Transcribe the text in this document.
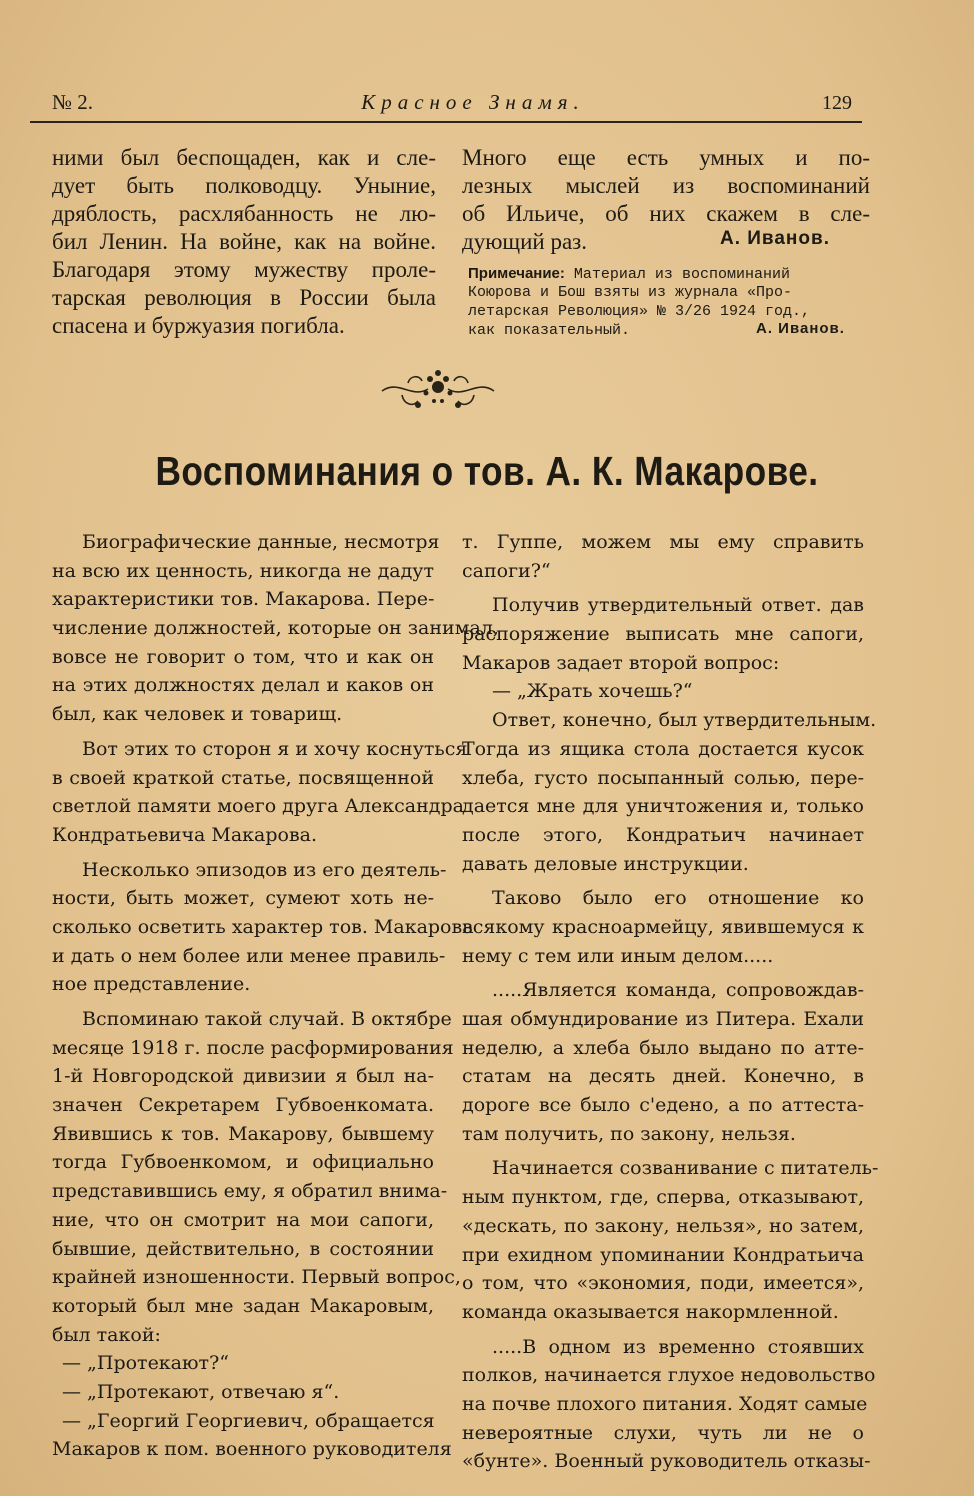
№ 2.	Красное Знамя.	129
ними был беспощаден, как и сле-
дует быть полководцу. Уныние,
дряблость, расхлябанность не лю-
бил Ленин. На войне, как на войне.
Благодаря этому мужеству проле-
тарская революция в России была
спасена и буржуазия погибла.
Много еще есть умных и по-
лезных мыслей из воспоминаний
об Ильиче, об них скажем в сле-
дующий раз.	А. Иванов.
Примечание: Материал из воспоминаний
Коюрова и Бош взяты из журнала «Про-
летарская Революция» № 3/26 1924 год.,
как показательный.	А. Иванов.
Воспоминания о тов. А. К. Макарове.
Биографические данные, несмотря
на всю их ценность, никогда не дадут
характеристики тов. Макарова. Пере-
числение должностей, которые он занимал,
вовсе не говорит о том, что и как он
на этих должностях делал и каков он
был, как человек и товарищ.
Вот этих то сторон я и хочу коснуться
в своей краткой статье, посвященной
светлой памяти моего друга Александра
Кондратьевича Макарова.
Несколько эпизодов из его деятель-
ности, быть может, сумеют хоть не-
сколько осветить характер тов. Макарова
и дать о нем более или менее правиль-
ное представление.
Вспоминаю такой случай. В октябре
месяце 1918 г. после расформирования
1-й Новгородской дивизии я был на-
значен Секретарем Губвоенкомата.
Явившись к тов. Макарову, бывшему
тогда Губвоенкомом, и официально
представившись ему, я обратил внима-
ние, что он смотрит на мои сапоги,
бывшие, действительно, в состоянии
крайней изношенности. Первый вопрос,
который был мне задан Макаровым,
был такой:
— „Протекают?“
— „Протекают, отвечаю я“.
— „Георгий Георгиевич, обращается
Макаров к пом. военного руководителя
т. Гуппе, можем мы ему справить
сапоги?“
Получив утвердительный ответ. дав
распоряжение выписать мне сапоги,
Макаров задает второй вопрос:
— „Жрать хочешь?“
Ответ, конечно, был утвердительным.
Тогда из ящика стола достается кусок
хлеба, густо посыпанный солью, пере-
дается мне для уничтожения и, только
после этого, Кондратьич начинает
давать деловые инструкции.
Таково было его отношение ко
всякому красноармейцу, явившемуся к
нему с тем или иным делом.....
.....Является команда, сопровождав-
шая обмундирование из Питера. Ехали
неделю, а хлеба было выдано по атте-
статам на десять дней. Конечно, в
дороге все было с'едено, а по аттеста-
там получить, по закону, нельзя.
Начинается созванивание с питатель-
ным пунктом, где, сперва, отказывают,
«дескать, по закону, нельзя», но затем,
при ехидном упоминании Кондратьича
о том, что «экономия, поди, имеется»,
команда оказывается накормленной.
.....В одном из временно стоявших
полков, начинается глухое недовольство
на почве плохого питания. Ходят самые
невероятные слухи, чуть ли не о
«бунте». Военный руководитель отказы-
